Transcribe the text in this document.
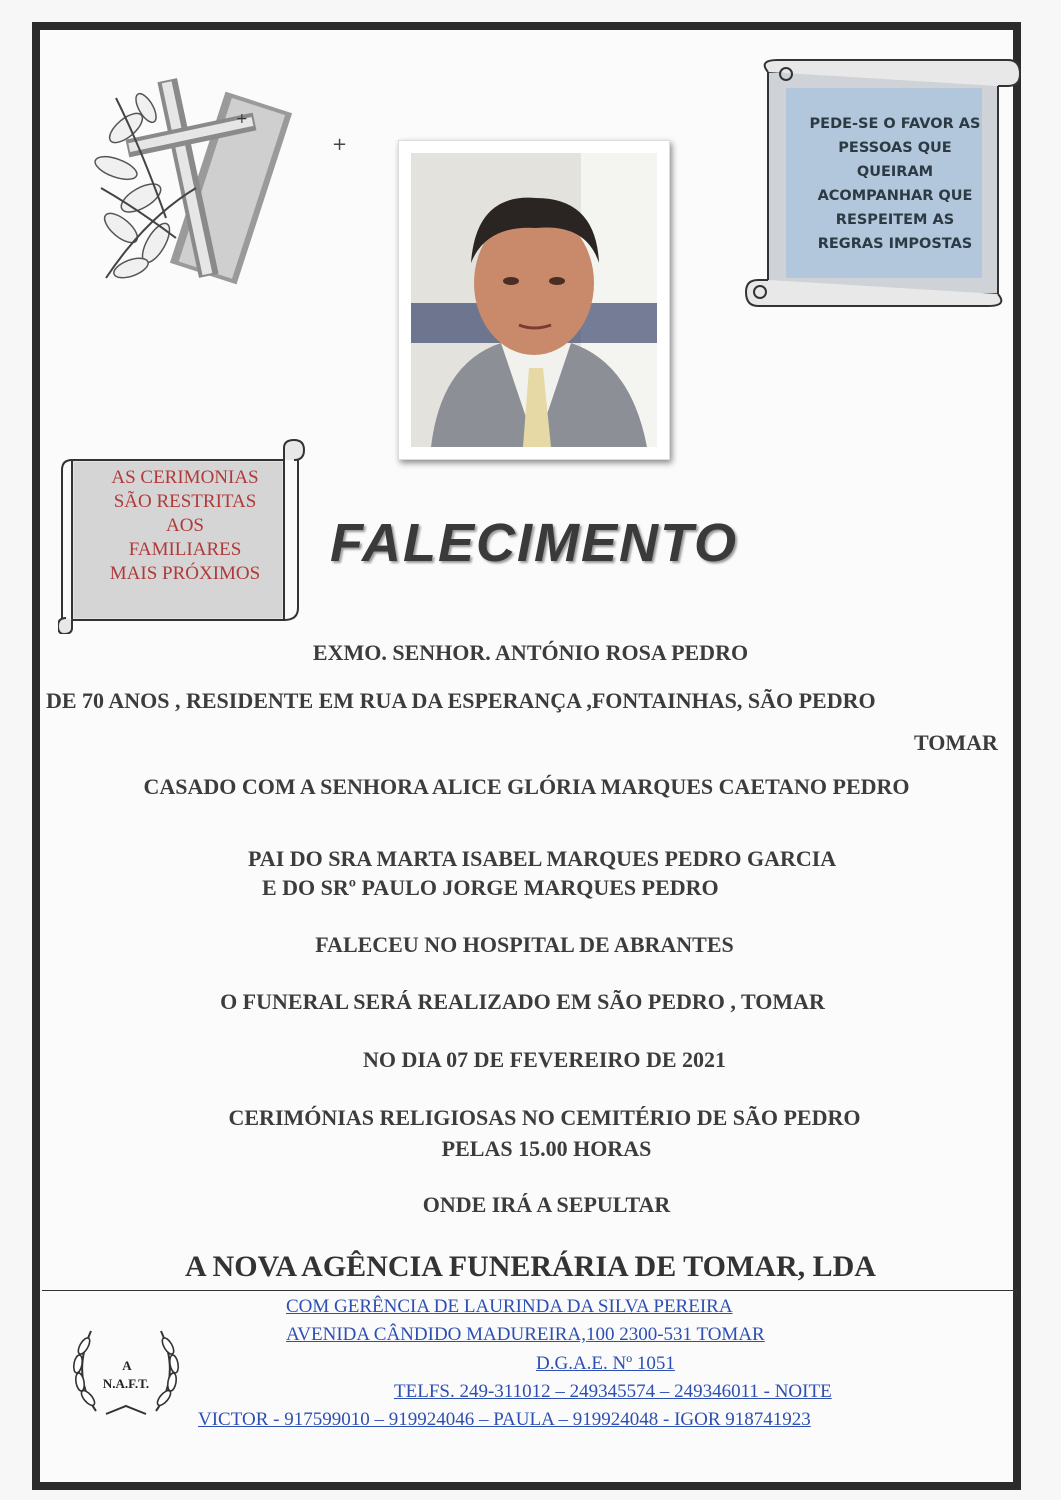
+
+
PEDE-SE O FAVOR AS
PESSOAS QUE
QUEIRAM
ACOMPANHAR QUE
RESPEITEM AS
REGRAS IMPOSTAS
AS CERIMONIAS
SÃO RESTRITAS
AOS
FAMILIARES
MAIS PRÓXIMOS
FALECIMENTO
EXMO. SENHOR. ANTÓNIO ROSA PEDRO
DE 70 ANOS , RESIDENTE EM RUA DA ESPERANÇA ,FONTAINHAS, SÃO PEDRO
TOMAR
CASADO COM A SENHORA ALICE GLÓRIA MARQUES CAETANO PEDRO
PAI DO SRA MARTA ISABEL MARQUES PEDRO GARCIA
E DO SRº PAULO JORGE MARQUES PEDRO
FALECEU NO HOSPITAL DE ABRANTES
O FUNERAL SERÁ REALIZADO EM SÃO PEDRO , TOMAR
NO DIA 07 DE FEVEREIRO DE 2021
CERIMÓNIAS RELIGIOSAS NO CEMITÉRIO DE SÃO PEDRO
PELAS 15.00 HORAS
ONDE IRÁ A SEPULTAR
A NOVA AGÊNCIA FUNERÁRIA DE TOMAR, LDA
A
N.A.F.T.
COM GERÊNCIA DE LAURINDA DA SILVA PEREIRA
AVENIDA CÂNDIDO MADUREIRA,100 2300-531 TOMAR
D.G.A.E. Nº 1051
TELFS. 249-311012 – 249345574 – 249346011 - NOITE
VICTOR - 917599010 – 919924046 – PAULA – 919924048 - IGOR 918741923
